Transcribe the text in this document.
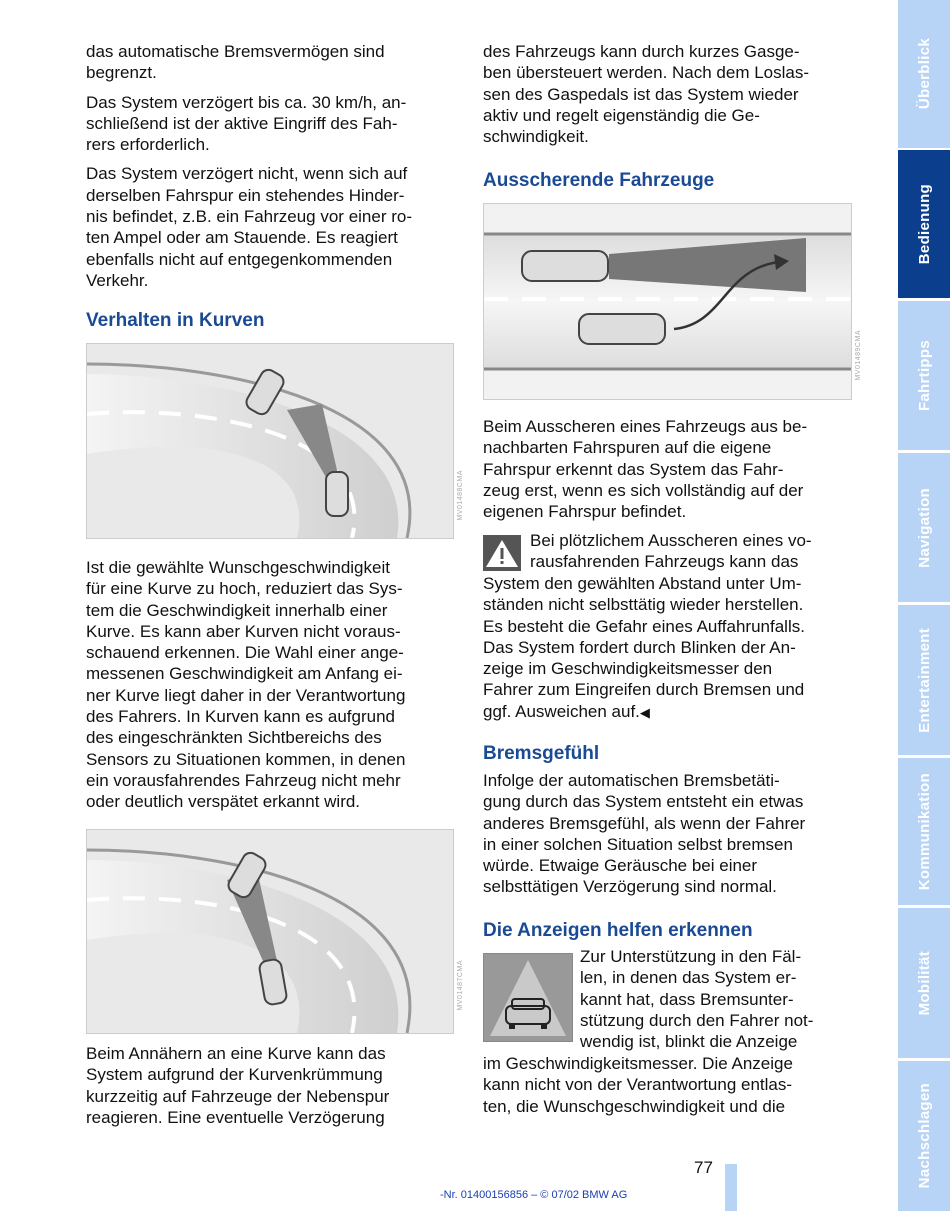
das automatische Bremsvermögen sind
begrenzt.

Das System verzögert bis ca. 30 km/h, an-
schließend ist der aktive Eingriff des Fah-
rers erforderlich.

Das System verzögert nicht, wenn sich auf
derselben Fahrspur ein stehendes Hinder-
nis befindet, z.B. ein Fahrzeug vor einer ro-
ten Ampel oder am Stauende. Es reagiert
ebenfalls nicht auf entgegenkommenden
Verkehr.

Verhalten in Kurven
MV01488CMA

Ist die gewählte Wunschgeschwindigkeit
für eine Kurve zu hoch, reduziert das Sys-
tem die Geschwindigkeit innerhalb einer
Kurve. Es kann aber Kurven nicht voraus-
schauend erkennen. Die Wahl einer ange-
messenen Geschwindigkeit am Anfang ei-
ner Kurve liegt daher in der Verantwortung
des Fahrers. In Kurven kann es aufgrund
des eingeschränkten Sichtbereichs des
Sensors zu Situationen kommen, in denen
ein vorausfahrendes Fahrzeug nicht mehr
oder deutlich verspätet erkannt wird.

MV01487CMA

Beim Annähern an eine Kurve kann das
System aufgrund der Kurvenkrümmung
kurzzeitig auf Fahrzeuge der Nebenspur
reagieren. Eine eventuelle Verzögerung

des Fahrzeugs kann durch kurzes Gasge-
ben übersteuert werden. Nach dem Loslas-
sen des Gaspedals ist das System wieder
aktiv und regelt eigenständig die Ge-
schwindigkeit.

Ausscherende Fahrzeuge
MV01489CMA

Beim Ausscheren eines Fahrzeugs aus be-
nachbarten Fahrspuren auf die eigene
Fahrspur erkennt das System das Fahr-
zeug erst, wenn es sich vollständig auf der
eigenen Fahrspur befindet.

Bei plötzlichem Ausscheren eines vo-
rausfahrenden Fahrzeugs kann das

System den gewählten Abstand unter Um-
ständen nicht selbsttätig wieder herstellen.
Es besteht die Gefahr eines Auffahrunfalls.
Das System fordert durch Blinken der An-
zeige im Geschwindigkeitsmesser den
Fahrer zum Eingreifen durch Bremsen und
ggf. Ausweichen auf.

◀
Bremsgefühl

Infolge der automatischen Bremsbetäti-
gung durch das System entsteht ein etwas
anderes Bremsgefühl, als wenn der Fahrer
in einer solchen Situation selbst bremsen
würde. Etwaige Geräusche bei einer
selbsttätigen Verzögerung sind normal.

Die Anzeigen helfen erkennen

Zur Unterstützung in den Fäl-
len, in denen das System er-
kannt hat, dass Bremsunter-
stützung durch den Fahrer not-
wendig ist, blinkt die Anzeige

im Geschwindigkeitsmesser. Die Anzeige
kann nicht von der Verantwortung entlas-
ten, die Wunschgeschwindigkeit und die

Überblick
Bedienung
Fahrtipps
Navigation
Entertainment
Kommunikation
Mobilität
Nachschlagen
77
-Nr. 01400156856 – © 07/02 BMW AG
